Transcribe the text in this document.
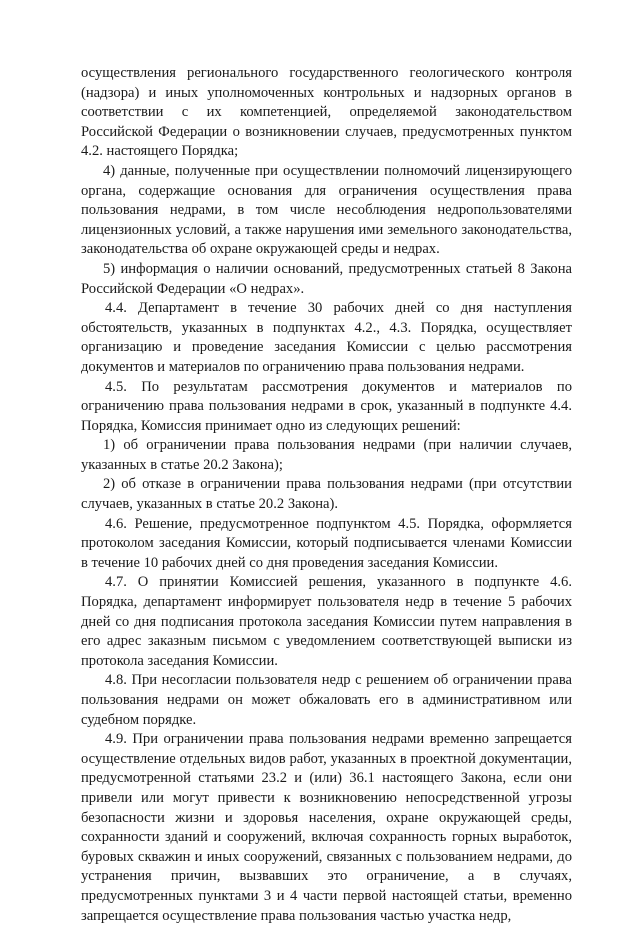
осуществления регионального государственного геологического контроля (надзора) и иных уполномоченных контрольных и надзорных органов в соответствии с их компетенцией, определяемой законодательством Российской Федерации о возникновении случаев, предусмотренных пунктом 4.2. настоящего Порядка;

4) данные, полученные при осуществлении полномочий лицензирующего органа, содержащие основания для ограничения осуществления права пользования недрами, в том числе несоблюдения недропользователями лицензионных условий, а также нарушения ими земельного законодательства, законодательства об охране окружающей среды и недрах.

5) информация о наличии оснований, предусмотренных статьей 8 Закона Российской Федерации «О недрах».

4.4. Департамент в течение 30 рабочих дней со дня наступления обстоятельств, указанных в подпунктах 4.2., 4.3. Порядка, осуществляет организацию и проведение заседания Комиссии с целью рассмотрения документов и материалов по ограничению права пользования недрами.

4.5. По результатам рассмотрения документов и материалов по ограничению права пользования недрами в срок, указанный в подпункте 4.4. Порядка, Комиссия принимает одно из следующих решений:

1) об ограничении права пользования недрами (при наличии случаев, указанных в статье 20.2 Закона);

2) об отказе в ограничении права пользования недрами (при отсутствии случаев, указанных в статье 20.2 Закона).

4.6. Решение, предусмотренное подпунктом 4.5. Порядка, оформляется протоколом заседания Комиссии, который подписывается членами Комиссии в течение 10 рабочих дней со дня проведения заседания Комиссии.

4.7. О принятии Комиссией решения, указанного в подпункте 4.6. Порядка, департамент информирует пользователя недр в течение 5 рабочих дней со дня подписания протокола заседания Комиссии путем направления в его адрес заказным письмом с уведомлением соответствующей выписки из протокола заседания Комиссии.

4.8. При несогласии пользователя недр с решением об ограничении права пользования недрами он может обжаловать его в административном или судебном порядке.

4.9. При ограничении права пользования недрами временно запрещается осуществление отдельных видов работ, указанных в проектной документации, предусмотренной статьями 23.2 и (или) 36.1 настоящего Закона, если они привели или могут привести к возникновению непосредственной угрозы безопасности жизни и здоровья населения, охране окружающей среды, сохранности зданий и сооружений, включая сохранность горных выработок, буровых скважин и иных сооружений, связанных с пользованием недрами, до устранения причин, вызвавших это ограничение, а в случаях, предусмотренных пунктами 3 и 4 части первой настоящей статьи, временно запрещается осуществление права пользования частью участка недр,
